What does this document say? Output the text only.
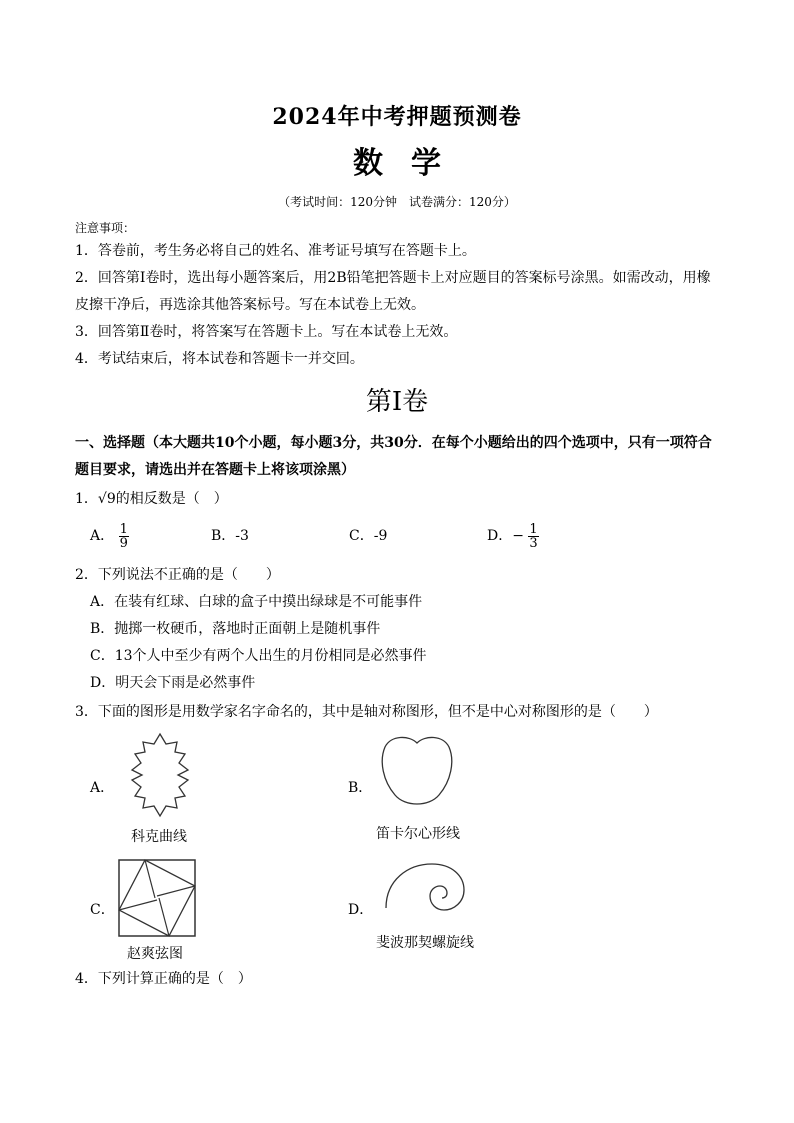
2024年中考押题预测卷
数学
（考试时间：120分钟　试卷满分：120分）
注意事项：
1．答卷前，考生务必将自己的姓名、准考证号填写在答题卡上。
2．回答第Ⅰ卷时，选出每小题答案后，用2B铅笔把答题卡上对应题目的答案标号涂黑。如需改动，用橡
皮擦干净后，再选涂其他答案标号。写在本试卷上无效。
3．回答第Ⅱ卷时，将答案写在答题卡上。写在本试卷上无效。
4．考试结束后，将本试卷和答题卡一并交回。
第Ⅰ卷
一、选择题（本大题共10个小题，每小题3分，共30分．在每个小题给出的四个选项中，只有一项符合
题目要求，请选出并在答题卡上将该项涂黑）
1．√9的相反数是（　）
A． $\frac{1}{9}$	B．-3	C．-9	D．− $\frac{1}{3}$
2．下列说法不正确的是（　　）
A．在装有红球、白球的盒子中摸出绿球是不可能事件
B．抛掷一枚硬币，落地时正面朝上是随机事件
C．13个人中至少有两个人出生的月份相同是必然事件
D．明天会下雨是必然事件
3．下面的图形是用数学家名字命名的，其中是轴对称图形，但不是中心对称图形的是（　　）
A．
科克曲线
B．
笛卡尔心形线
C．
赵爽弦图
D．
斐波那契螺旋线
4．下列计算正确的是（　）
